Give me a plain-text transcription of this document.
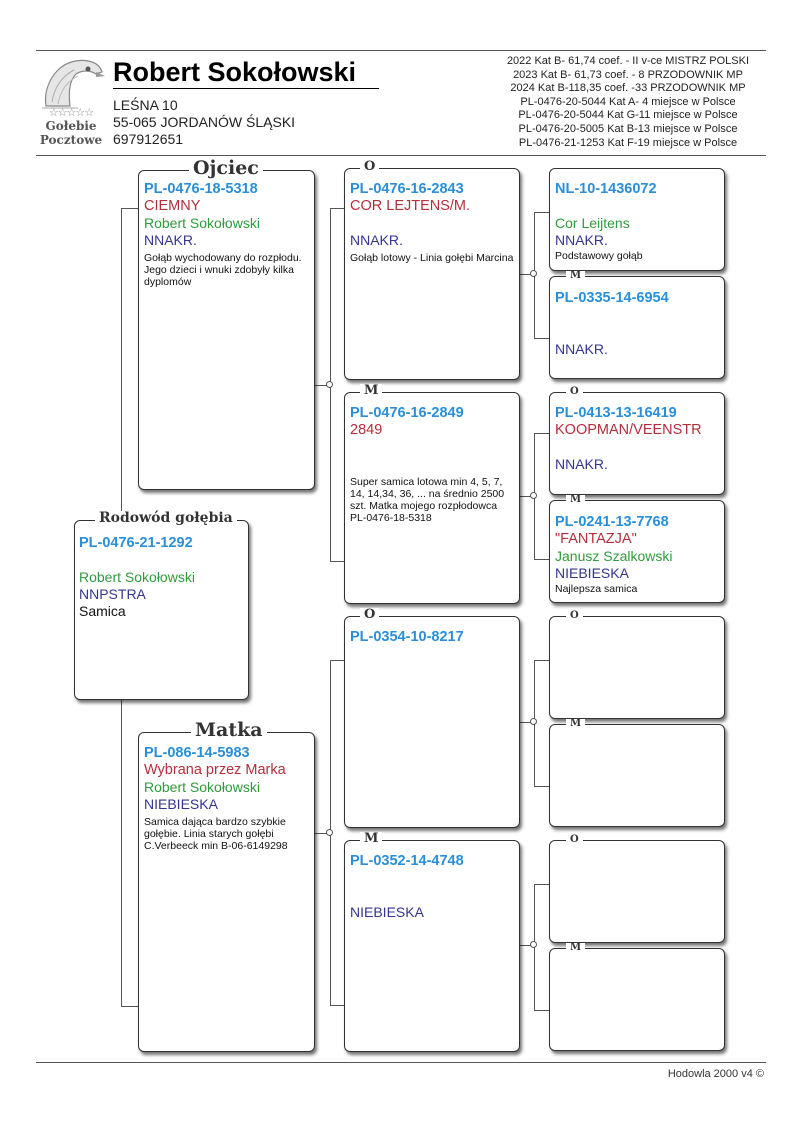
☆☆☆☆☆
Gołebie
Pocztowe
Robert Sokołowski
LEŚNA 10
55-065 JORDANÓW ŚLĄSKI
697912651
2022 Kat B- 61,74 coef. - II v-ce MISTRZ POLSKI
2023 Kat B- 61,73 coef. - 8 PRZODOWNIK MP
2024 Kat B-118,35 coef. -33 PRZODOWNIK MP
PL-0476-20-5044 Kat A- 4 miejsce w Polsce
PL-0476-20-5044 Kat G-11 miejsce w Polsce
PL-0476-20-5005 Kat B-13 miejsce w Polsce
PL-0476-21-1253 Kat F-19 miejsce w Polsce
PL-0476-21-1292
Robert Sokołowski
NNPSTRA
Samica
Rodowód gołębia
PL-0476-18-5318
CIEMNY
Robert Sokołowski
NNAKR.
Gołąb wychodowany do rozpłodu. Jego dzieci i wnuki zdobyły kilka dyplomów
Ojciec
PL-086-14-5983
Wybrana przez Marka
Robert Sokołowski
NIEBIESKA
Samica dająca bardzo szybkie gołębie. Linia starych gołębi C.Verbeeck min B-06-6149298
Matka
PL-0476-16-2843
COR LEJTENS/M.
NNAKR.
Gołąb lotowy - Linia gołębi Marcina
O
PL-0476-16-2849
2849
Super samica lotowa min 4, 5, 7, 14, 14,34, 36, ... na średnio 2500 szt. Matka mojego rozpłodowca PL-0476-18-5318
M
PL-0354-10-8217
O
PL-0352-14-4748
NIEBIESKA
M
NL-10-1436072
Cor Leijtens
NNAKR.
Podstawowy gołąb
PL-0335-14-6954
NNAKR.
M
PL-0413-13-16419
KOOPMAN/VEENSTR
NNAKR.
O
PL-0241-13-7768
"FANTAZJA"
Janusz Szalkowski
NIEBIESKA
Najlepsza samica
M
O
M
O
M
Hodowla 2000 v4 ©
